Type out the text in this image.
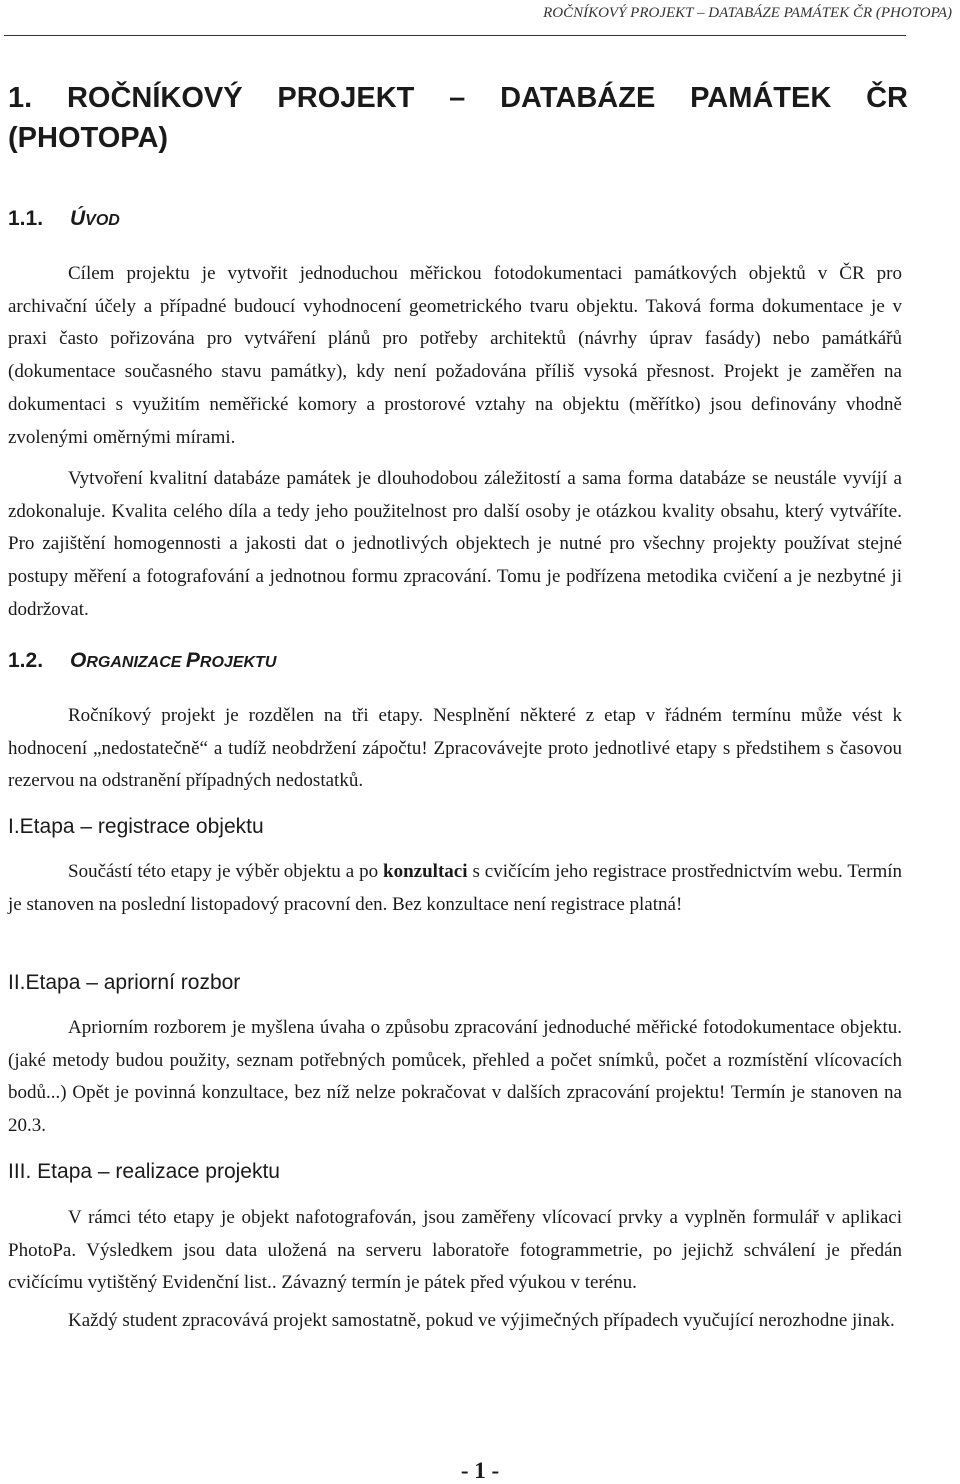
ROČNÍKOVÝ PROJEKT – DATABÁZE PAMÁTEK ČR (PHOTOPA)
1. ROČNÍKOVÝ PROJEKT – DATABÁZE PAMÁTEK ČR (PHOTOPA)
1.1. ÚVOD

Cílem projektu je vytvořit jednoduchou měřickou fotodokumentaci památkových objektů v ČR pro archivační účely a případné budoucí vyhodnocení geometrického tvaru objektu. Taková forma dokumentace je v praxi často pořizována pro vytváření plánů pro potřeby architektů (návrhy úprav fasády) nebo památkářů (dokumentace současného stavu památky), kdy není požadována příliš vysoká přesnost. Projekt je zaměřen na dokumentaci s využitím neměřické komory a prostorové vztahy na objektu (měřítko) jsou definovány vhodně zvolenými oměrnými mírami.

Vytvoření kvalitní databáze památek je dlouhodobou záležitostí a sama forma databáze se neustále vyvíjí a zdokonaluje. Kvalita celého díla a tedy jeho použitelnost pro další osoby je otázkou kvality obsahu, který vytváříte. Pro zajištění homogennosti a jakosti dat o jednotlivých objektech je nutné pro všechny projekty používat stejné postupy měření a fotografování a jednotnou formu zpracování. Tomu je podřízena metodika cvičení a je nezbytné ji dodržovat.

1.2. ORGANIZACE PROJEKTU

Ročníkový projekt je rozdělen na tři etapy. Nesplnění některé z etap v řádném termínu může vést k hodnocení „nedostatečně“ a tudíž neobdržení zápočtu! Zpracovávejte proto jednotlivé etapy s předstihem s časovou rezervou na odstranění případných nedostatků.

I.Etapa – registrace objektu

Součástí této etapy je výběr objektu a po konzultaci s cvičícím jeho registrace prostřednictvím webu. Termín je stanoven na poslední listopadový pracovní den. Bez konzultace není registrace platná!

II.Etapa – apriorní rozbor

Apriorním rozborem je myšlena úvaha o způsobu zpracování jednoduché měřické fotodokumentace objektu. (jaké metody budou použity, seznam potřebných pomůcek, přehled a počet snímků, počet a rozmístění vlícovacích bodů...) Opět je povinná konzultace, bez níž nelze pokračovat v dalších zpracování projektu! Termín je stanoven na 20.3.

III. Etapa – realizace projektu

V rámci této etapy je objekt nafotografován, jsou zaměřeny vlícovací prvky a vyplněn formulář v aplikaci PhotoPa. Výsledkem jsou data uložená na serveru laboratoře fotogrammetrie, po jejichž schválení je předán cvičícímu vytištěný Evidenční list.. Závazný termín je pátek před výukou v terénu.

Každý student zpracovává projekt samostatně, pokud ve výjimečných případech vyučující nerozhodne jinak.

- 1 -
